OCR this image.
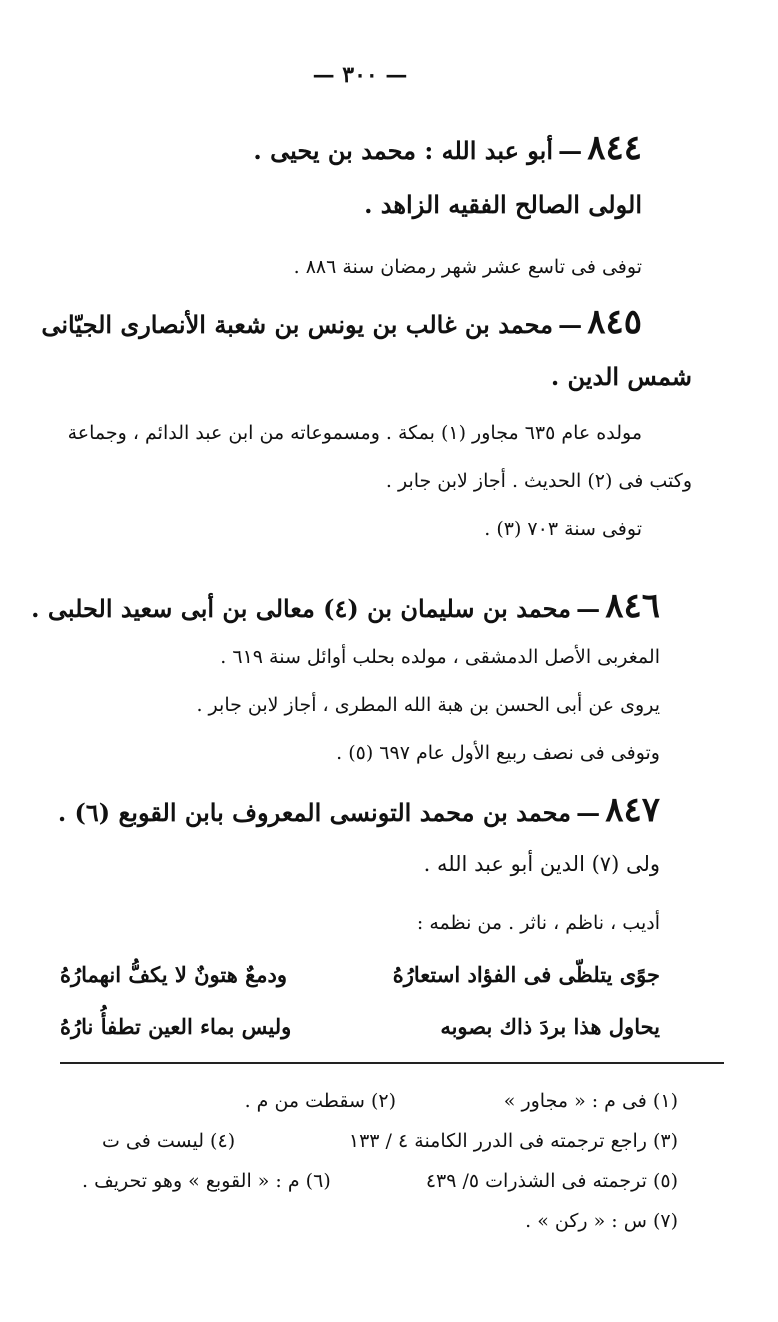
— ٣٠٠ —
٨٤٤ — أبو عبد الله : محمد بن يحيى .
الولى الصالح الفقيه الزاهد .
توفى فى تاسع عشر شهر رمضان سنة ٨٨٦ .
٨٤٥ — محمد بن غالب بن يونس بن شعبة الأنصارى الجيّانى
شمس الدين .
مولده عام ٦٣٥ مجاور (١) بمكة . ومسموعاته من ابن عبد الدائم ، وجماعة
وكتب فى (٢) الحديث . أجاز لابن جابر .
توفى سنة ٧٠٣ (٣) .
٨٤٦ — محمد بن سليمان بن (٤) معالى بن أبى سعيد الحلبى .
المغربى الأصل الدمشقى ، مولده بحلب أوائل سنة ٦١٩ .
يروى عن أبى الحسن بن هبة الله المطرى ، أجاز لابن جابر .
وتوفى فى نصف ربيع الأول عام ٦٩٧ (٥) .
٨٤٧ — محمد بن محمد التونسى المعروف بابن القوبع (٦) .
ولى (٧) الدين أبو عبد الله .
أديب ، ناظم ، ناثر . من نظمه :
جوًى يتلظّى فى الفؤاد استعارُهُ
ودمعٌ هتونٌ لا يكفُّ انهمارُهُ
يحاول هذا بردَ ذاك بصوبه
وليس بماء العين تطفأُ نارُهُ
(١) فى م : « مجاور »
(٢) سقطت من م .
(٣) راجع ترجمته فى الدرر الكامنة ٤ / ١٣٣
(٤) ليست فى ت
(٥) ترجمته فى الشذرات ٥/ ٤٣٩
(٦) م : « القوبع » وهو تحريف .
(٧) س : « ركن » .
